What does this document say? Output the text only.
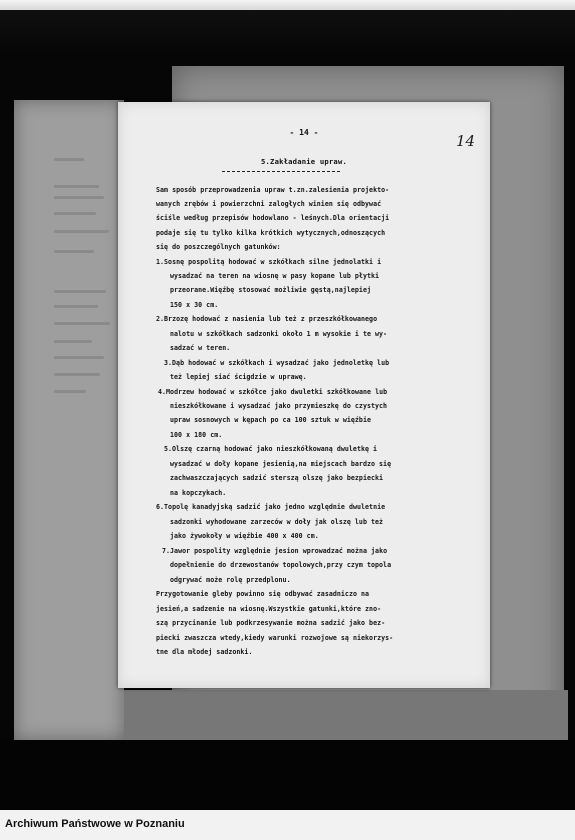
- 14 -	14
5.Zakładanie upraw.
Sam sposób przeprowadzenia upraw t.zn.zalesienia projekto-
wanych zrębów i powierzchni zalogłych winien się odbywać
ściśle według przepisów hodowlano - leśnych.Dla orientacji
podaje się tu tylko kilka krótkich wytycznych,odnoszących
się do poszczególnych gatunków:
1.Sosnę pospolitą hodować w szkółkach silne jednolatki i
wysadzać na teren na wiosnę w pasy kopane lub płytki
przeorane.Więźbę stosować możliwie gęstą,najlepiej
150 x 30 cm.
2.Brzozę hodować z nasienia lub też z przeszkółkowanego
nalotu w szkółkach sadzonki około 1 m wysokie i te wy-
sadzać w teren.
3.Dąb hodować w szkółkach i wysadzać jako jednoletkę lub
też lepiej siać ścigdzie w uprawę.
4.Modrzew hodować w szkółce jako dwuletki szkółkowane lub
nieszkółkowane i wysadzać jako przymieszkę do czystych
upraw sosnowych w kępach po ca 100 sztuk w więźbie
100 x 180 cm.
5.Olszę czarną hodować jako nieszkółkowaną dwuletkę i
wysadzać w doły kopane jesienią,na miejscach bardzo się
zachwaszczających sadzić sterszą olszę jako bezpiecki
na kopczykach.
6.Topolę kanadyjską sadzić jako jedno względnie dwuletnie
sadzonki wyhodowane zarzeców w doły jak olszę lub też
jako żywokoły w więźbie 400 x 400 cm.
7.Jawor pospolity względnie jesion wprowadzać można jako
dopełnienie do drzewostanów topolowych,przy czym topola
odgrywać może rolę przedplonu.
Przygotowanie gleby powinno się odbywać zasadniczo na
jesień,a sadzenie na wiosnę.Wszystkie gatunki,które zno-
szą przycinanie lub podkrzesywanie można sadzić jako bez-
piecki zwaszcza wtedy,kiedy warunki rozwojowe są niekorzys-
tne dla młodej sadzonki.
Archiwum Państwowe w Poznaniu
